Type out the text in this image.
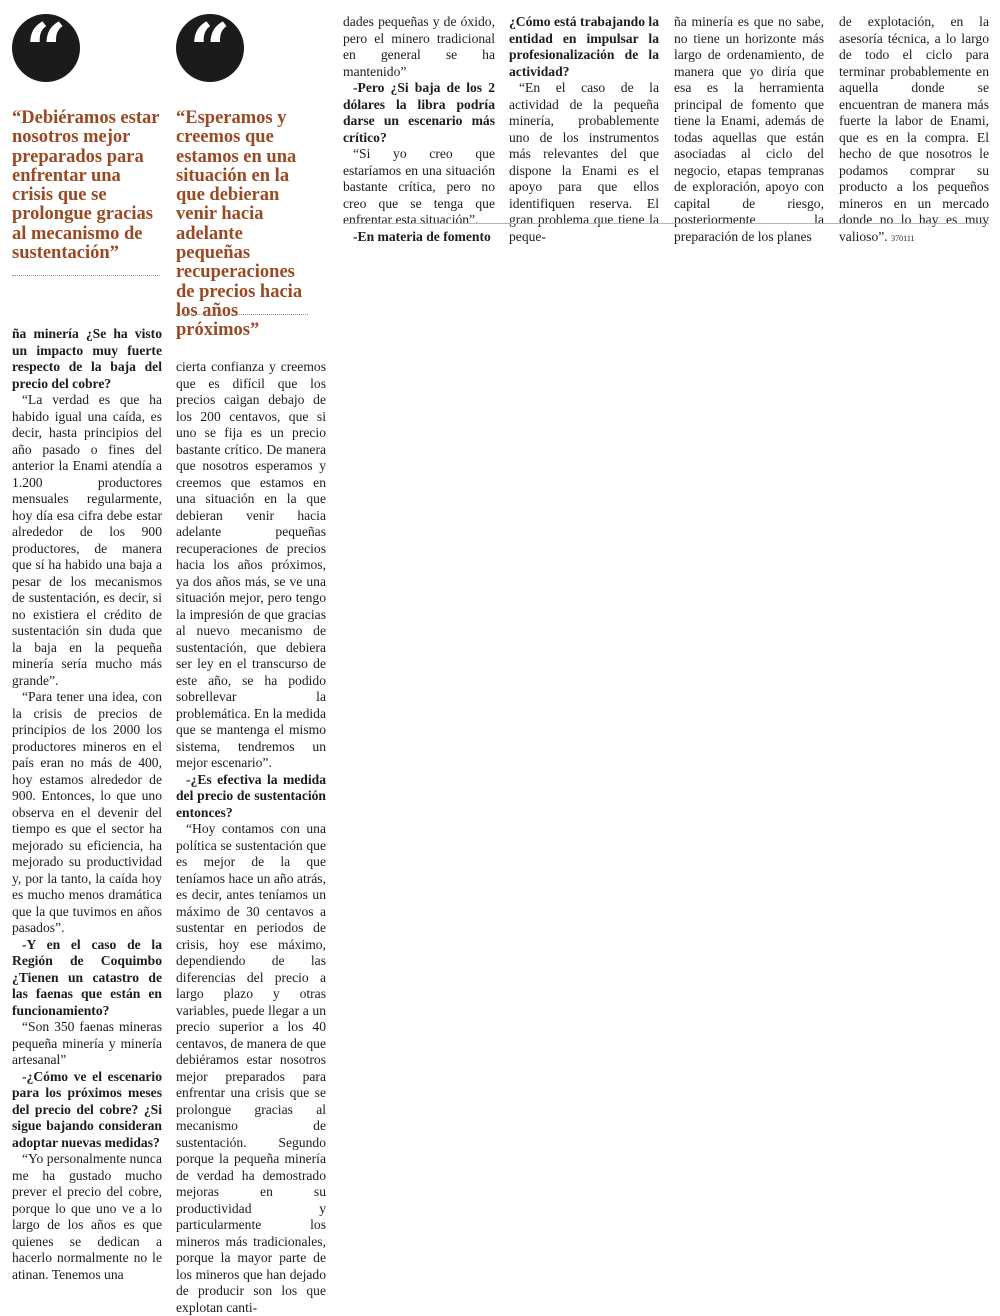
“ “

“Debiéramos estar nosotros mejor preparados para enfrentar una crisis que se prolongue gracias al mecanismo de sustentación”

“Esperamos y creemos que estamos en una situación en la que debieran venir hacia adelante pequeñas recuperaciones de precios hacia los años próximos”

ña minería ¿Se ha visto un impacto muy fuerte respecto de la baja del precio del cobre?

“La verdad es que ha habido igual una caída, es decir, hasta principios del año pasado o fines del anterior la Enami atendía a 1.200 productores mensuales regularmente, hoy día esa cifra debe estar alrededor de los 900 productores, de manera que sí ha habido una baja a pesar de los mecanismos de sustentación, es decir, si no existiera el crédito de sustentación sin duda que la baja en la pequeña minería sería mucho más grande”.

“Para tener una idea, con la crisis de precios de principios de los 2000 los productores mineros en el país eran no más de 400, hoy estamos alrededor de 900. Entonces, lo que uno observa en el devenir del tiempo es que el sector ha mejorado su eficiencia, ha mejorado su productividad y, por la tanto, la caída hoy es mucho menos dramática que la que tuvimos en años pasados”.

-Y en el caso de la Región de Coquimbo ¿Tienen un catastro de las faenas que están en funcionamiento?

“Son 350 faenas mineras pequeña minería y minería artesanal”

-¿Cómo ve el escenario para los próximos meses del precio del cobre? ¿Si sigue bajando consideran adoptar nuevas medidas?

“Yo personalmente nunca me ha gustado mucho prever el precio del cobre, porque lo que uno ve a lo largo de los años es que quienes se dedican a hacerlo normalmente no le atinan. Tenemos una

cierta confianza y creemos que es difícil que los precios caigan debajo de los 200 centavos, que si uno se fija es un precio bastante crítico. De manera que nosotros esperamos y creemos que estamos en una situación en la que debieran venir hacia adelante pequeñas recuperaciones de precios hacia los años próximos, ya dos años más, se ve una situación mejor, pero tengo la impresión de que gracias al nuevo mecanismo de sustentación, que debiera ser ley en el transcurso de este año, se ha podido sobrellevar la problemática. En la medida que se mantenga el mismo sistema, tendremos un mejor escenario”.

-¿Es efectiva la medida del precio de sustentación entonces?

“Hoy contamos con una política se sustentación que es mejor de la que teníamos hace un año atrás, es decir, antes teníamos un máximo de 30 centavos a sustentar en periodos de crisis, hoy ese máximo, dependiendo de las diferencias del precio a largo plazo y otras variables, puede llegar a un precio superior a los 40 centavos, de manera de que debiéramos estar nosotros mejor preparados para enfrentar una crisis que se prolongue gracias al mecanismo de sustentación. Segundo porque la pequeña minería de verdad ha demostrado mejoras en su productividad y particularmente los mineros más tradicionales, porque la mayor parte de los mineros que han dejado de producir son los que explotan canti-

dades pequeñas y de óxido, pero el minero tradicional en general se ha mantenido”

-Pero ¿Si baja de los 2 dólares la libra podría darse un escenario más crítico?

“Si yo creo que estaríamos en una situación bastante crítica, pero no creo que se tenga que enfrentar esta situación”.

-En materia de fomento

¿Cómo está trabajando la entidad en impulsar la profesionalización de la actividad?

“En el caso de la actividad de la pequeña minería, probablemente uno de los instrumentos más relevantes del que dispone la Enami es el apoyo para que ellos identifiquen reserva. El gran problema que tiene la peque-

ña minería es que no sabe, no tiene un horizonte más largo de ordenamiento, de manera que yo diría que esa es la herramienta principal de fomento que tiene la Enami, además de todas aquellas que están asociadas al ciclo del negocio, etapas tempranas de exploración, apoyo con capital de riesgo, posteriormente la preparación de los planes

de explotación, en la asesoría técnica, a lo largo de todo el ciclo para terminar probablemente en aquella donde se encuentran de manera más fuerte la labor de Enami, que es en la compra. El hecho de que nosotros le podamos comprar su producto a los pequeños mineros en un mercado donde no lo hay es muy valioso”. 370111
